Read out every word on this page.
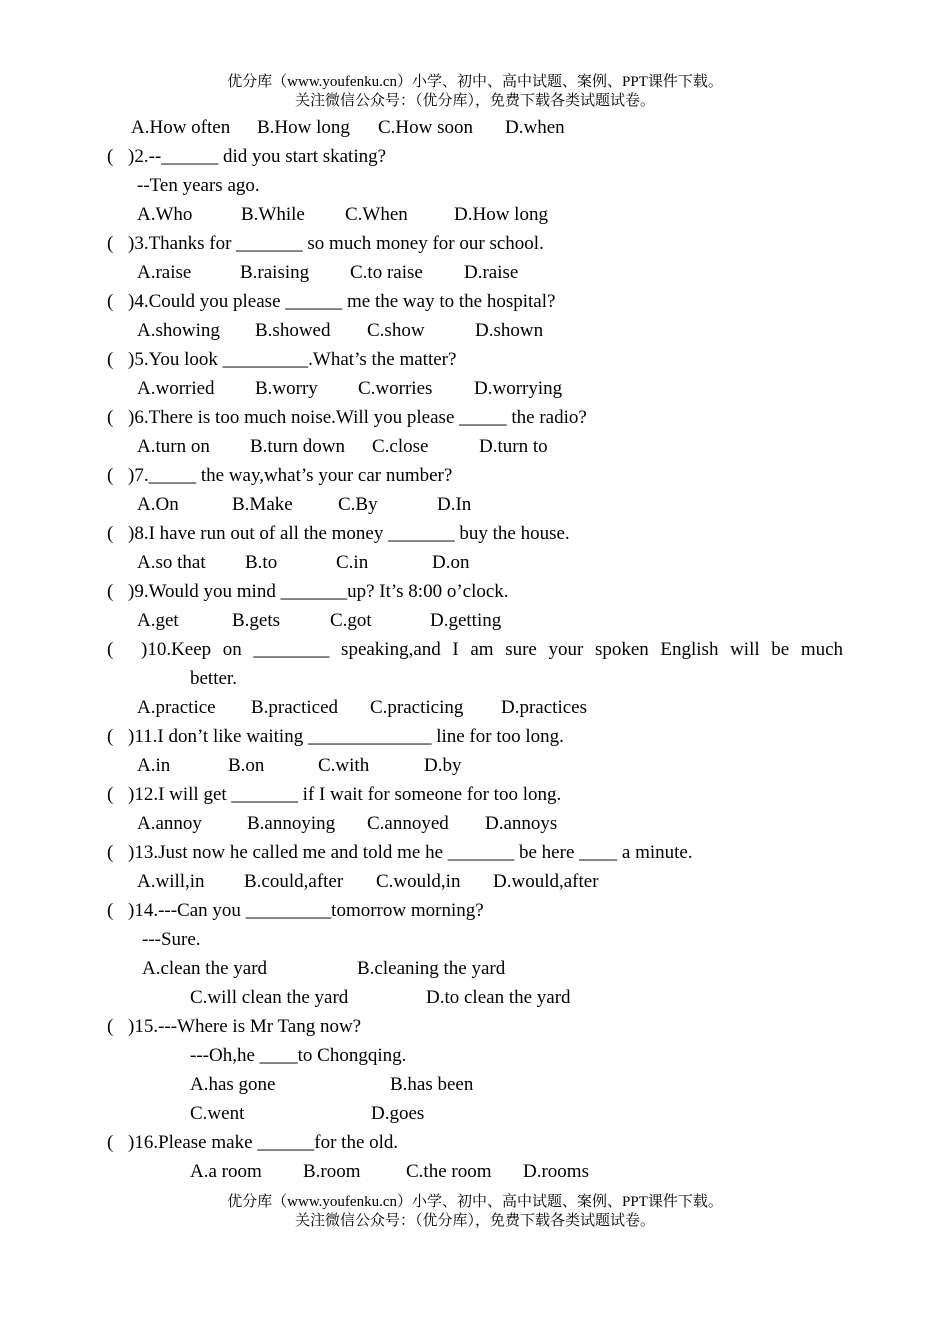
优分库（www.youfenku.cn）小学、初中、高中试题、案例、PPT课件下载。
关注微信公众号：（优分库），免费下载各类试题试卷。
A.How often B.How long C.How soon D.when
( )2.--______ did you start skating?
--Ten years ago.
A.Who	B.While C.When D.How long
( )3.Thanks for _______ so much money for our school.
A.raise	B.raising C.to raise D.raise
( )4.Could you please ______ me the way to the hospital?
A.showing B.showed C.show	D.shown
( )5.You look _________.What’s the matter?
A.worried B.worry C.worries D.worrying
( )6.There is too much noise.Will you please _____ the radio?
A.turn on B.turn down C.close	D.turn to
( )7._____ the way,what’s your car number?
A.On	B.Make C.By	D.In
( )8.I have run out of all the money _______ buy the house.
A.so that B.to	C.in	D.on
( )9.Would you mind _______up? It’s 8:00 o’clock.
A.get	B.gets	C.got	D.getting
( )10.Keep on ________ speaking,and I am sure your spoken English will be much
better.
A.practice B.practiced C.practicing D.practices
( )11.I don’t like waiting _____________ line for too long.
A.in	B.on	C.with	D.by
( )12.I will get _______ if I wait for someone for too long.
A.annoy B.annoying C.annoyed D.annoys
( )13.Just now he called me and told me he _______ be here ____ a minute.
A.will,in B.could,after C.would,in D.would,after
( )14.---Can you _________tomorrow morning?
---Sure.
A.clean the yard	B.cleaning the yard
C.will clean the yard	D.to clean the yard
( )15.---Where is Mr Tang now?
---Oh,he ____to Chongqing.
A.has gone	B.has been
C.went	D.goes
( )16.Please make ______for the old.
A.a room B.room C.the room D.rooms
优分库（www.youfenku.cn）小学、初中、高中试题、案例、PPT课件下载。
关注微信公众号：（优分库），免费下载各类试题试卷。
